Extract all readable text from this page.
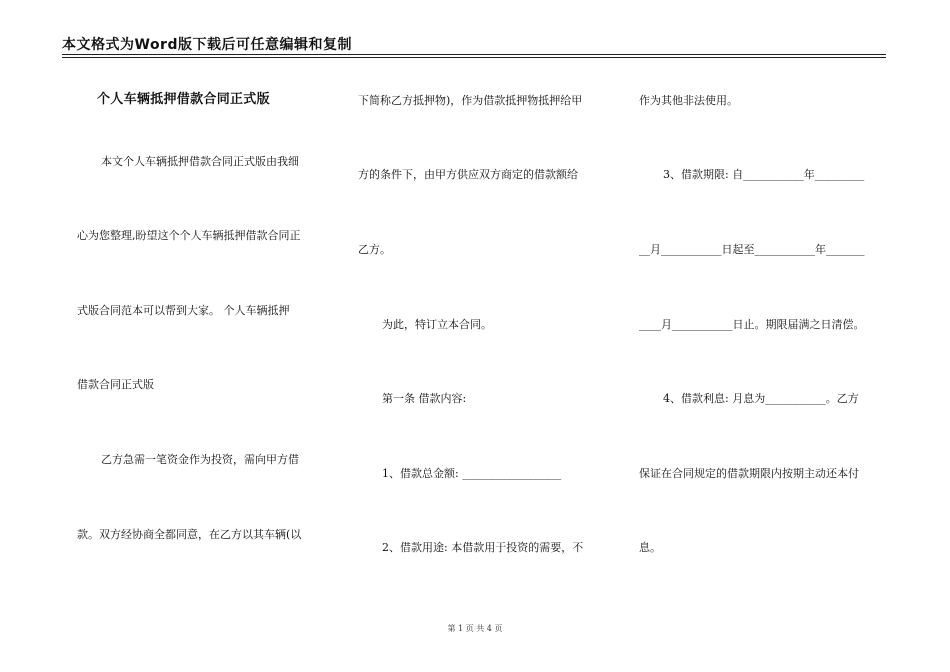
本文格式为Word版下载后可任意编辑和复制
个人车辆抵押借款合同正式版
本文个人车辆抵押借款合同正式版由我细
心为您整理,盼望这个个人车辆抵押借款合同正
式版合同范本可以帮到大家。 个人车辆抵押
借款合同正式版
乙方急需一笔资金作为投资，需向甲方借
款。双方经协商全都同意，在乙方以其车辆(以
下简称乙方抵押物)，作为借款抵押物抵押给甲
方的条件下，由甲方供应双方商定的借款额给
乙方。
为此，特订立本合同。
第一条 借款内容:
1、借款总金额: __________________
2、借款用途: 本借款用于投资的需要，不
作为其他非法使用。
3、借款期限: 自___________年_________
__月___________日起至___________年_______
____月___________日止。期限届满之日清偿。
4、借款利息: 月息为___________。乙方
保证在合同规定的借款期限内按期主动还本付
息。
第 1 页 共 4 页
